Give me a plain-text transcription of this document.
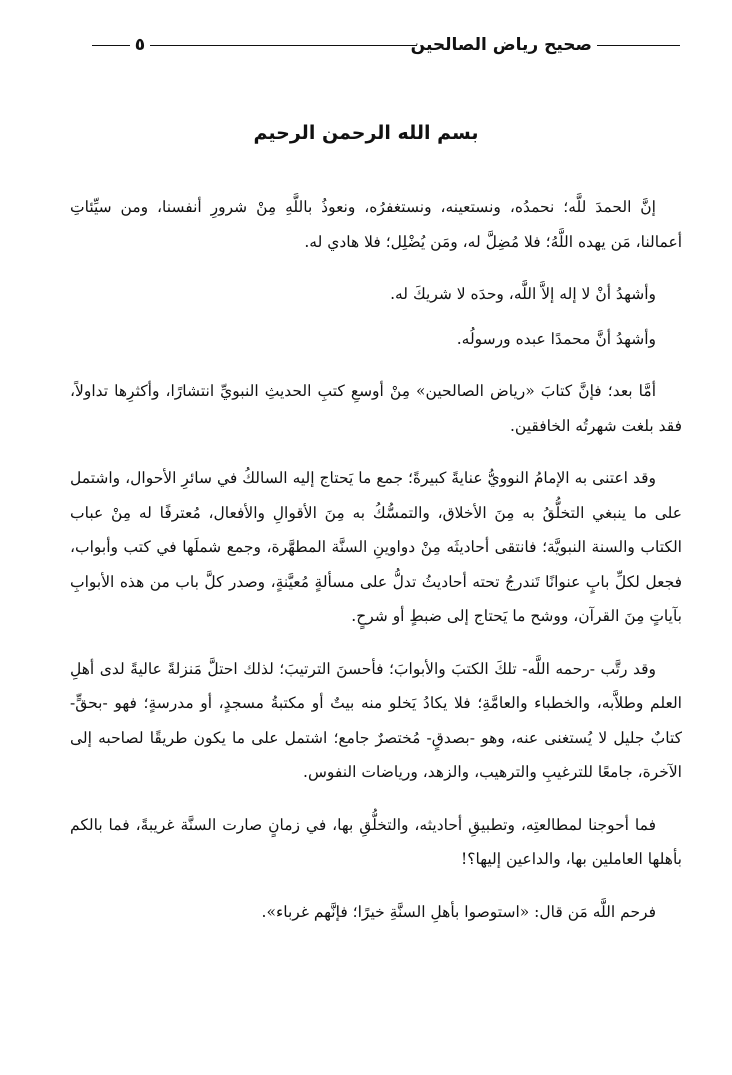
صحيح رياض الصالحين
٥
بسم الله الرحمن الرحيم

إنَّ الحمدَ للَّه؛ نحمدُه، ونستعينه، ونستغفرُه، ونعوذُ باللَّهِ مِنْ شرورِ أنفسنا، ومن سيِّئاتِ أعمالنا، مَن يهده اللَّهُ؛ فلا مُضِلَّ له، ومَن يُضْلِل؛ فلا هادي له.

وأشهدُ أنْ لا إله إلاَّ اللَّه، وحدَه لا شريكَ له.

وأشهدُ أنَّ محمدًا عبده ورسولُه.

أمَّا بعد؛ فإنَّ كتابَ «رياض الصالحين» مِنْ أوسعِ كتبِ الحديثِ النبويِّ انتشارًا، وأكثرِها تداولاً، فقد بلغت شهرتُه الخافقين.

وقد اعتنى به الإمامُ النوويُّ عنايةً كبيرةً؛ جمع ما يَحتاج إليه السالكُ في سائرِ الأحوال، واشتمل على ما ينبغي التخلُّقُ به مِنَ الأخلاق، والتمسُّكُ به مِنَ الأقوالِ والأفعال، مُعترفًا له مِنْ عباب الكتاب والسنة النبويَّة؛ فانتقى أحاديثَه مِنْ دواوينِ السنَّة المطهَّرة، وجمع شملَها في كتب وأبواب، فجعل لكلِّ بابٍ عنوانًا تَندرجُ تحته أحاديثُ تدلُّ على مسألةٍ مُعيَّنةٍ، وصدر كلَّ باب من هذه الأبوابِ بآياتٍ مِنَ القرآن، ووشح ما يَحتاج إلى ضبطٍ أو شرحٍ.

وقد رتَّب -رحمه اللَّه- تلكَ الكتبَ والأبوابَ؛ فأحسنَ الترتيبَ؛ لذلك احتلَّ مَنزلةً عاليةً لدى أهلِ العلم وطلاَّبه، والخطباء والعامَّةِ؛ فلا يكادُ يَخلو منه بيتٌ أو مكتبةُ مسجدٍ، أو مدرسةٍ؛ فهو -بحقٍّ- كتابٌ جليل لا يُستغنى عنه، وهو -بصدقٍ- مُختصرٌ جامع؛ اشتمل على ما يكون طريقًا لصاحبه إلى الآخرة، جامعًا للترغيبِ والترهيب، والزهد، ورياضات النفوس.

فما أحوجنا لمطالعتِه، وتطبيقِ أحاديثه، والتخلُّقِ بها، في زمانٍ صارت السنَّة غريبةً، فما بالكم بأهلها العاملين بها، والداعين إليها؟!

فرحم اللَّه مَن قال: «استوصوا بأهلِ السنَّةِ خيرًا؛ فإنَّهم غرباء».
